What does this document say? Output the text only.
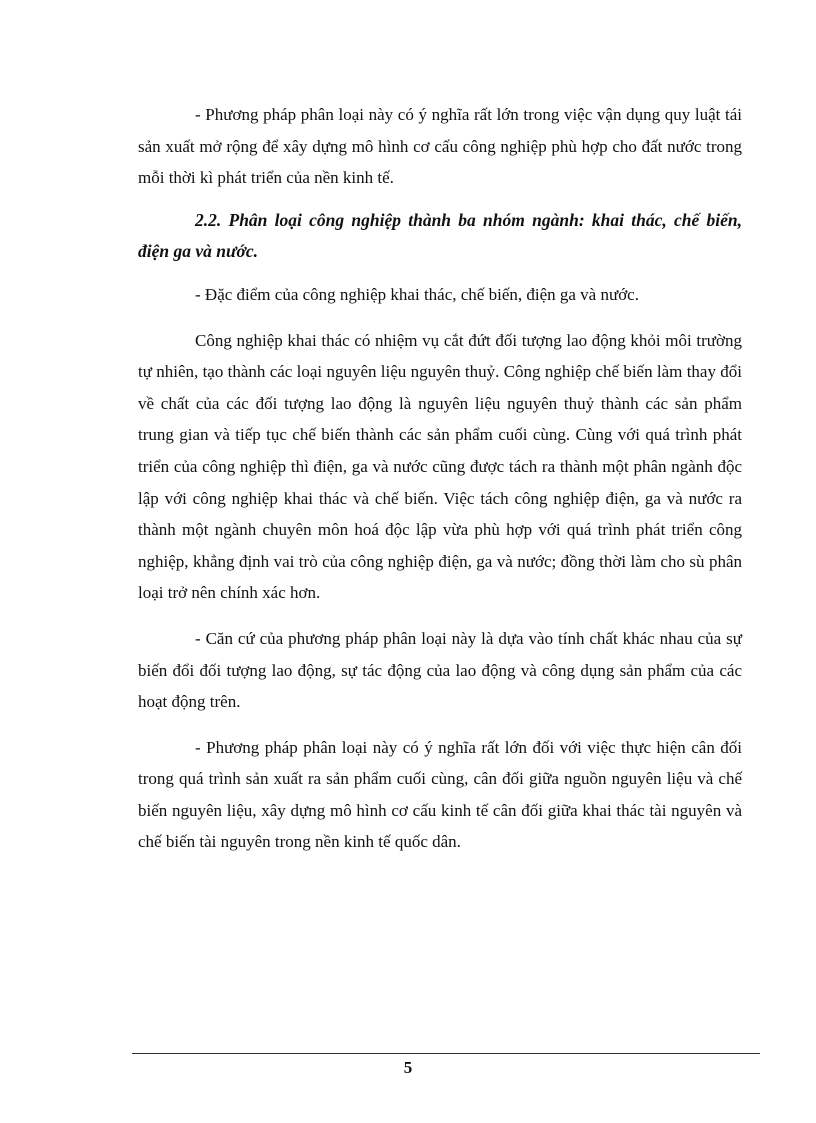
- Phương pháp phân loại này có ý nghĩa rất lớn trong việc vận dụng quy luật tái sản xuất mở rộng để xây dựng mô hình cơ cấu công nghiệp phù hợp cho đất nước trong mỗi thời kì phát triển của nền kinh tế.

2.2. Phân loại công nghiệp thành ba nhóm ngành: khai thác, chế biến, điện ga và nước.

- Đặc điểm của công nghiệp khai thác, chế biến, điện ga và nước.

Công nghiệp khai thác có nhiệm vụ cắt đứt đối tượng lao động khỏi môi trường tự nhiên, tạo thành các loại nguyên liệu nguyên thuỷ. Công nghiệp chế biến làm thay đổi về chất của các đối tượng lao động là nguyên liệu nguyên thuỷ thành các sản phẩm trung gian và tiếp tục chế biến thành các sản phẩm cuối cùng. Cùng với quá trình phát triển của công nghiệp thì điện, ga và nước cũng được tách ra thành một phân ngành độc lập với công nghiệp khai thác và chế biến. Việc tách công nghiệp điện, ga và nước ra thành một ngành chuyên môn hoá độc lập vừa phù hợp với quá trình phát triển công nghiệp, khẳng định vai trò của công nghiệp điện, ga và nước; đồng thời làm cho sù phân loại trở nên chính xác hơn.

- Căn cứ của phương pháp phân loại này là dựa vào tính chất khác nhau của sự biến đổi đối tượng lao động, sự tác động của lao động và công dụng sản phẩm của các hoạt động trên.

- Phương pháp phân loại này có ý nghĩa rất lớn đối với việc thực hiện cân đối trong quá trình sản xuất ra sản phẩm cuối cùng, cân đối giữa nguồn nguyên liệu và chế biến nguyên liệu, xây dựng mô hình cơ cấu kinh tế cân đối giữa khai thác tài nguyên và chế biến tài nguyên trong nền kinh tế quốc dân.

5
